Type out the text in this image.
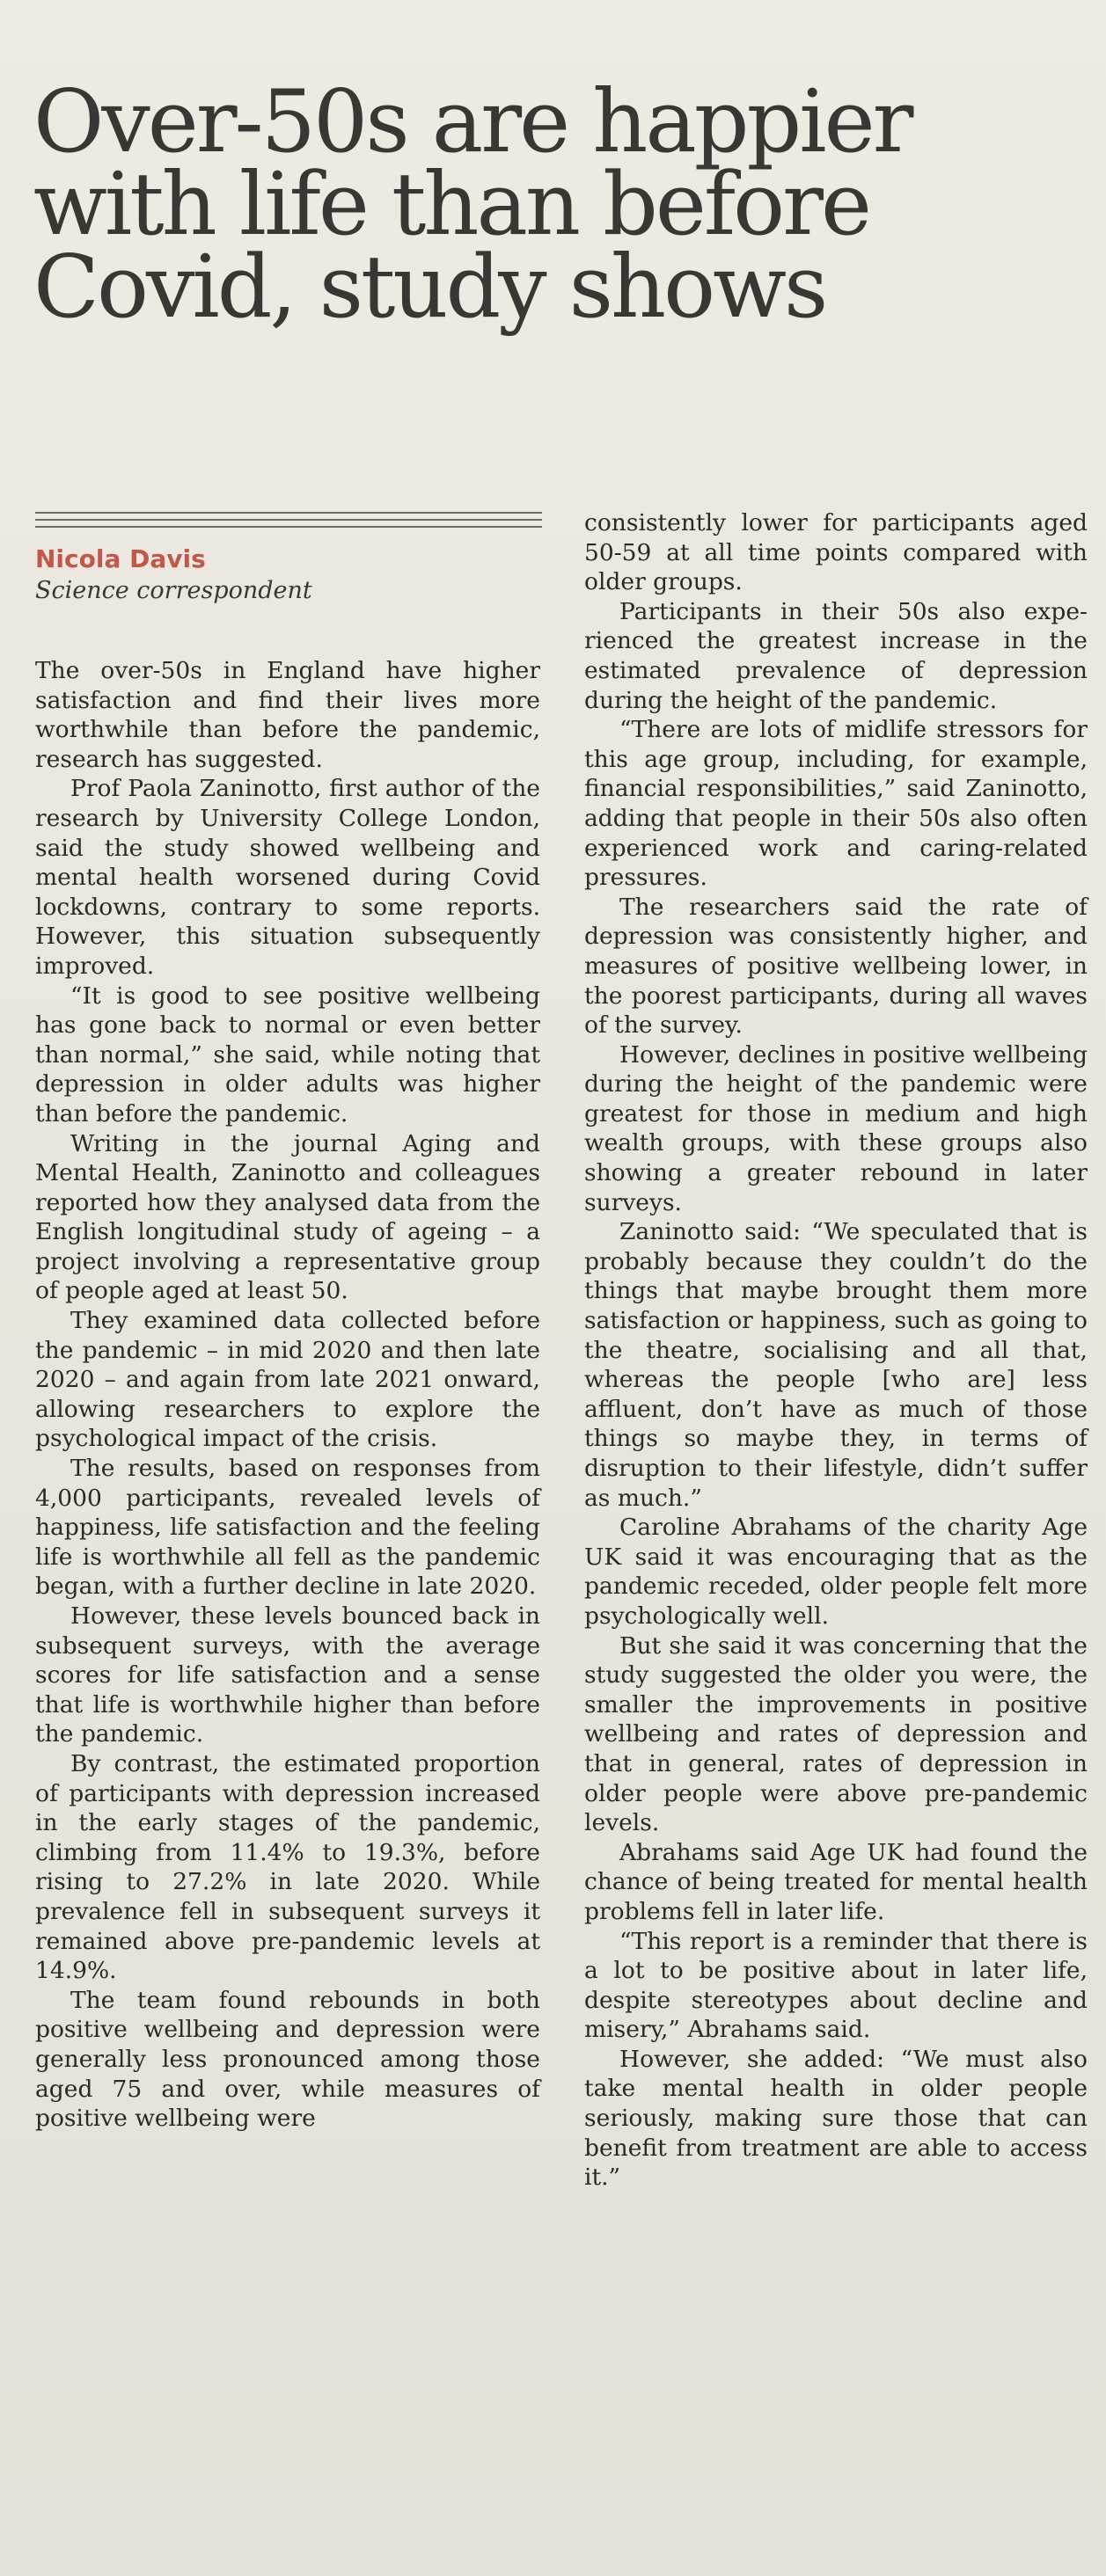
Over-50s are happier
with life than before
Covid, study shows

Nicola Davis

Science correspondent

The over-50s in England have higher satisfaction and find their lives more worthwhile than before the pandemic, research has suggested.

Prof Paola Zaninotto, first author of the research by University College London, said the study showed wellbeing and mental health worsened during Covid lockdowns, contrary to some reports. However, this situation subsequently improved.

“It is good to see positive wellbeing has gone back to normal or even better than normal,” she said, while noting that depression in older adults was higher than before the pandemic.

Writing in the journal Aging and Mental Health, Zaninotto and colleagues reported how they analysed data from the English longitudinal study of ageing – a project involving a representative group of people aged at least 50.

They examined data collected before the pandemic – in mid 2020 and then late 2020 – and again from late 2021 onward, allowing researchers to explore the psychological impact of the crisis.

The results, based on responses from 4,000 participants, revealed levels of happiness, life satisfaction and the feeling life is worthwhile all fell as the pandemic began, with a further decline in late 2020.

However, these levels bounced back in subsequent surveys, with the average scores for life satisfaction and a sense that life is worthwhile higher than before the pandemic.

By contrast, the estimated proportion of participants with depression increased in the early stages of the pandemic, climbing from 11.4% to 19.3%, before rising to 27.2% in late 2020. While prevalence fell in subsequent surveys it remained above pre-pandemic levels at 14.9%.

The team found rebounds in both positive wellbeing and depression were generally less pronounced among those aged 75 and over, while measures of positive wellbeing were

consistently lower for participants aged 50-59 at all time points compared with older groups.

Participants in their 50s also experienced the greatest increase in the estimated prevalence of depression during the height of the pandemic.

“There are lots of midlife stressors for this age group, including, for example, financial responsibilities,” said Zaninotto, adding that people in their 50s also often experienced work and caring-related pressures.

The researchers said the rate of depression was consistently higher, and measures of positive wellbeing lower, in the poorest participants, during all waves of the survey.

However, declines in positive wellbeing during the height of the pandemic were greatest for those in medium and high wealth groups, with these groups also showing a greater rebound in later surveys.

Zaninotto said: “We speculated that is probably because they couldn’t do the things that maybe brought them more satisfaction or happiness, such as going to the theatre, socialising and all that, whereas the people [who are] less affluent, don’t have as much of those things so maybe they, in terms of disruption to their lifestyle, didn’t suffer as much.”

Caroline Abrahams of the charity Age UK said it was encouraging that as the pandemic receded, older people felt more psychologically well.

But she said it was concerning that the study suggested the older you were, the smaller the improvements in positive wellbeing and rates of depression and that in general, rates of depression in older people were above pre-pandemic levels.

Abrahams said Age UK had found the chance of being treated for mental health problems fell in later life.

“This report is a reminder that there is a lot to be positive about in later life, despite stereotypes about decline and misery,” Abrahams said.

However, she added: “We must also take mental health in older people seriously, making sure those that can benefit from treatment are able to access it.”
